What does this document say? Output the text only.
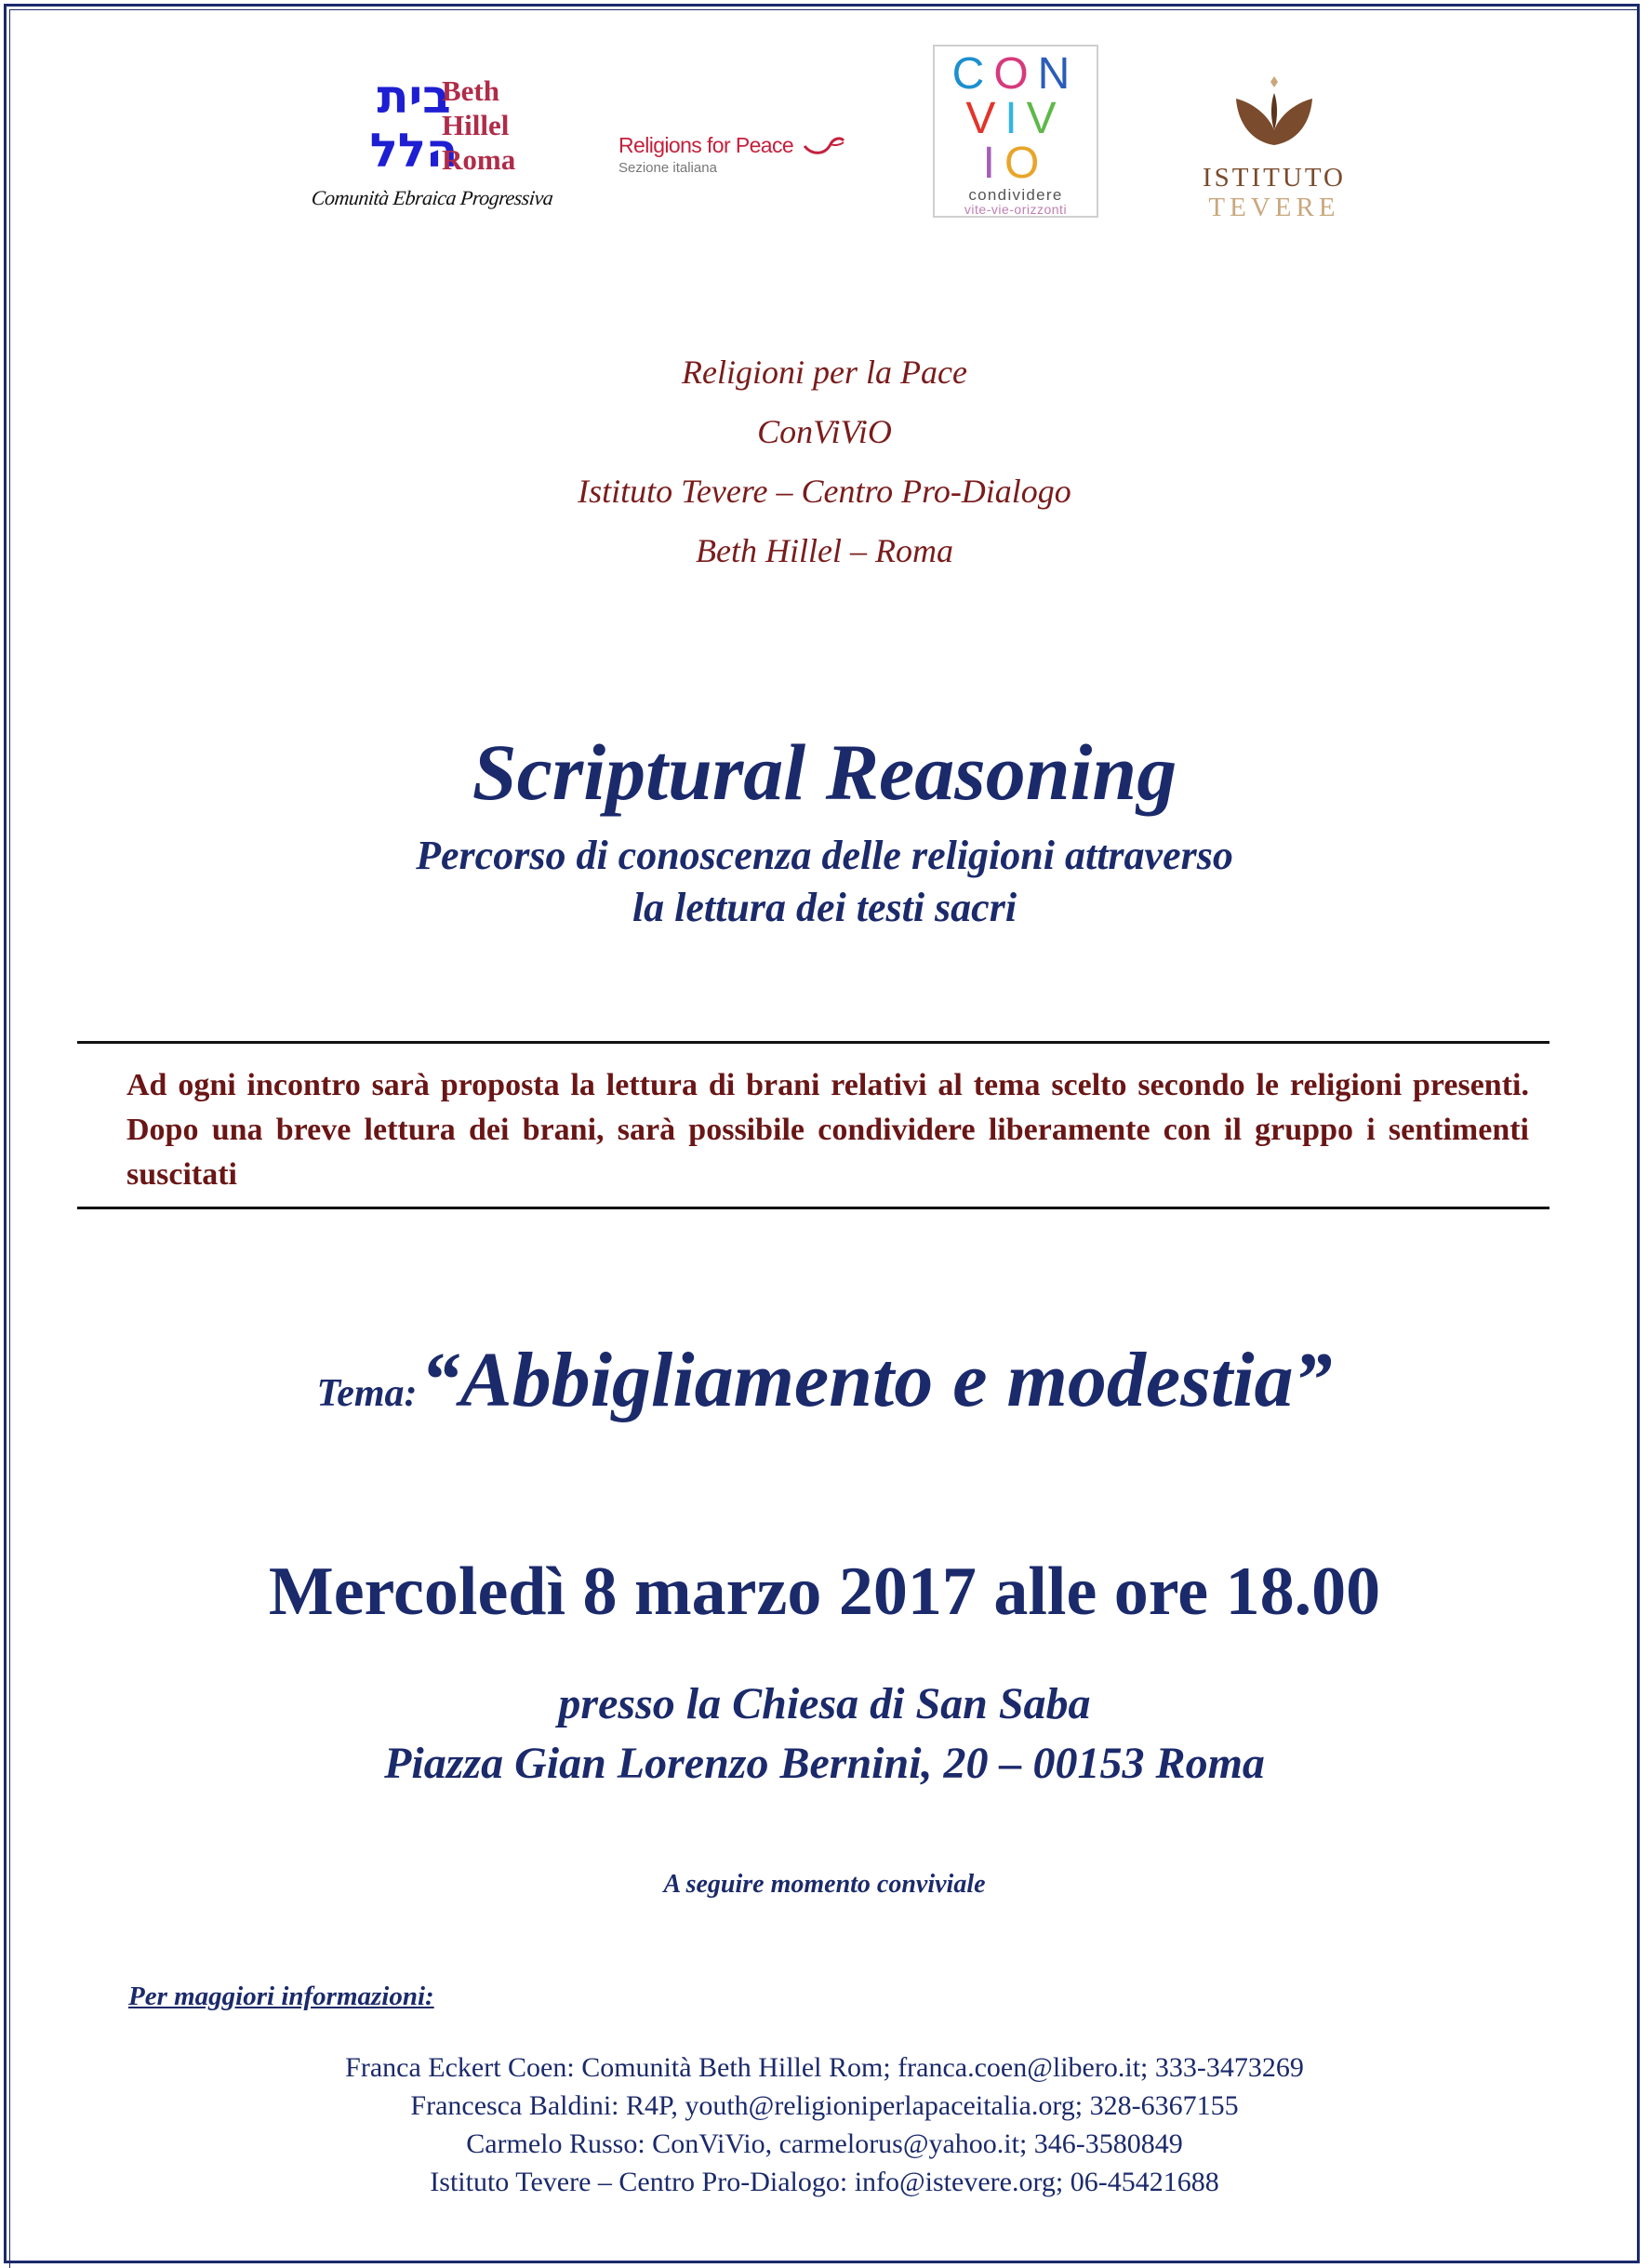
בית
הלל
Beth
Hillel
Roma
Comunità Ebraica Progressiva
Religions for Peace
Sezione italiana
CON
VIV
IO
condividere
vite-vie-orizzonti
ISTITUTO
TEVERE
Religioni per la Pace
ConViViO
Istituto Tevere – Centro Pro-Dialogo
Beth Hillel – Roma
Scriptural Reasoning
Percorso di conoscenza delle religioni attraverso
la lettura dei testi sacri
Ad ogni incontro sarà proposta la lettura di brani relativi al tema scelto secondo le religioni presenti. Dopo una breve lettura dei brani, sarà possibile condividere liberamente con il gruppo i sentimenti suscitati
Tema: “Abbigliamento e modestia”
Mercoledì 8 marzo 2017 alle ore 18.00
presso la Chiesa di San Saba
Piazza Gian Lorenzo Bernini, 20 – 00153 Roma
A seguire momento conviviale
Per maggiori informazioni:
Franca Eckert Coen: Comunità Beth Hillel Rom; franca.coen@libero.it; 333-3473269
Francesca Baldini: R4P, youth@religioniperlapaceitalia.org; 328-6367155
Carmelo Russo: ConViVio, carmelorus@yahoo.it; 346-3580849
Istituto Tevere – Centro Pro-Dialogo: info@istevere.org; 06-45421688
